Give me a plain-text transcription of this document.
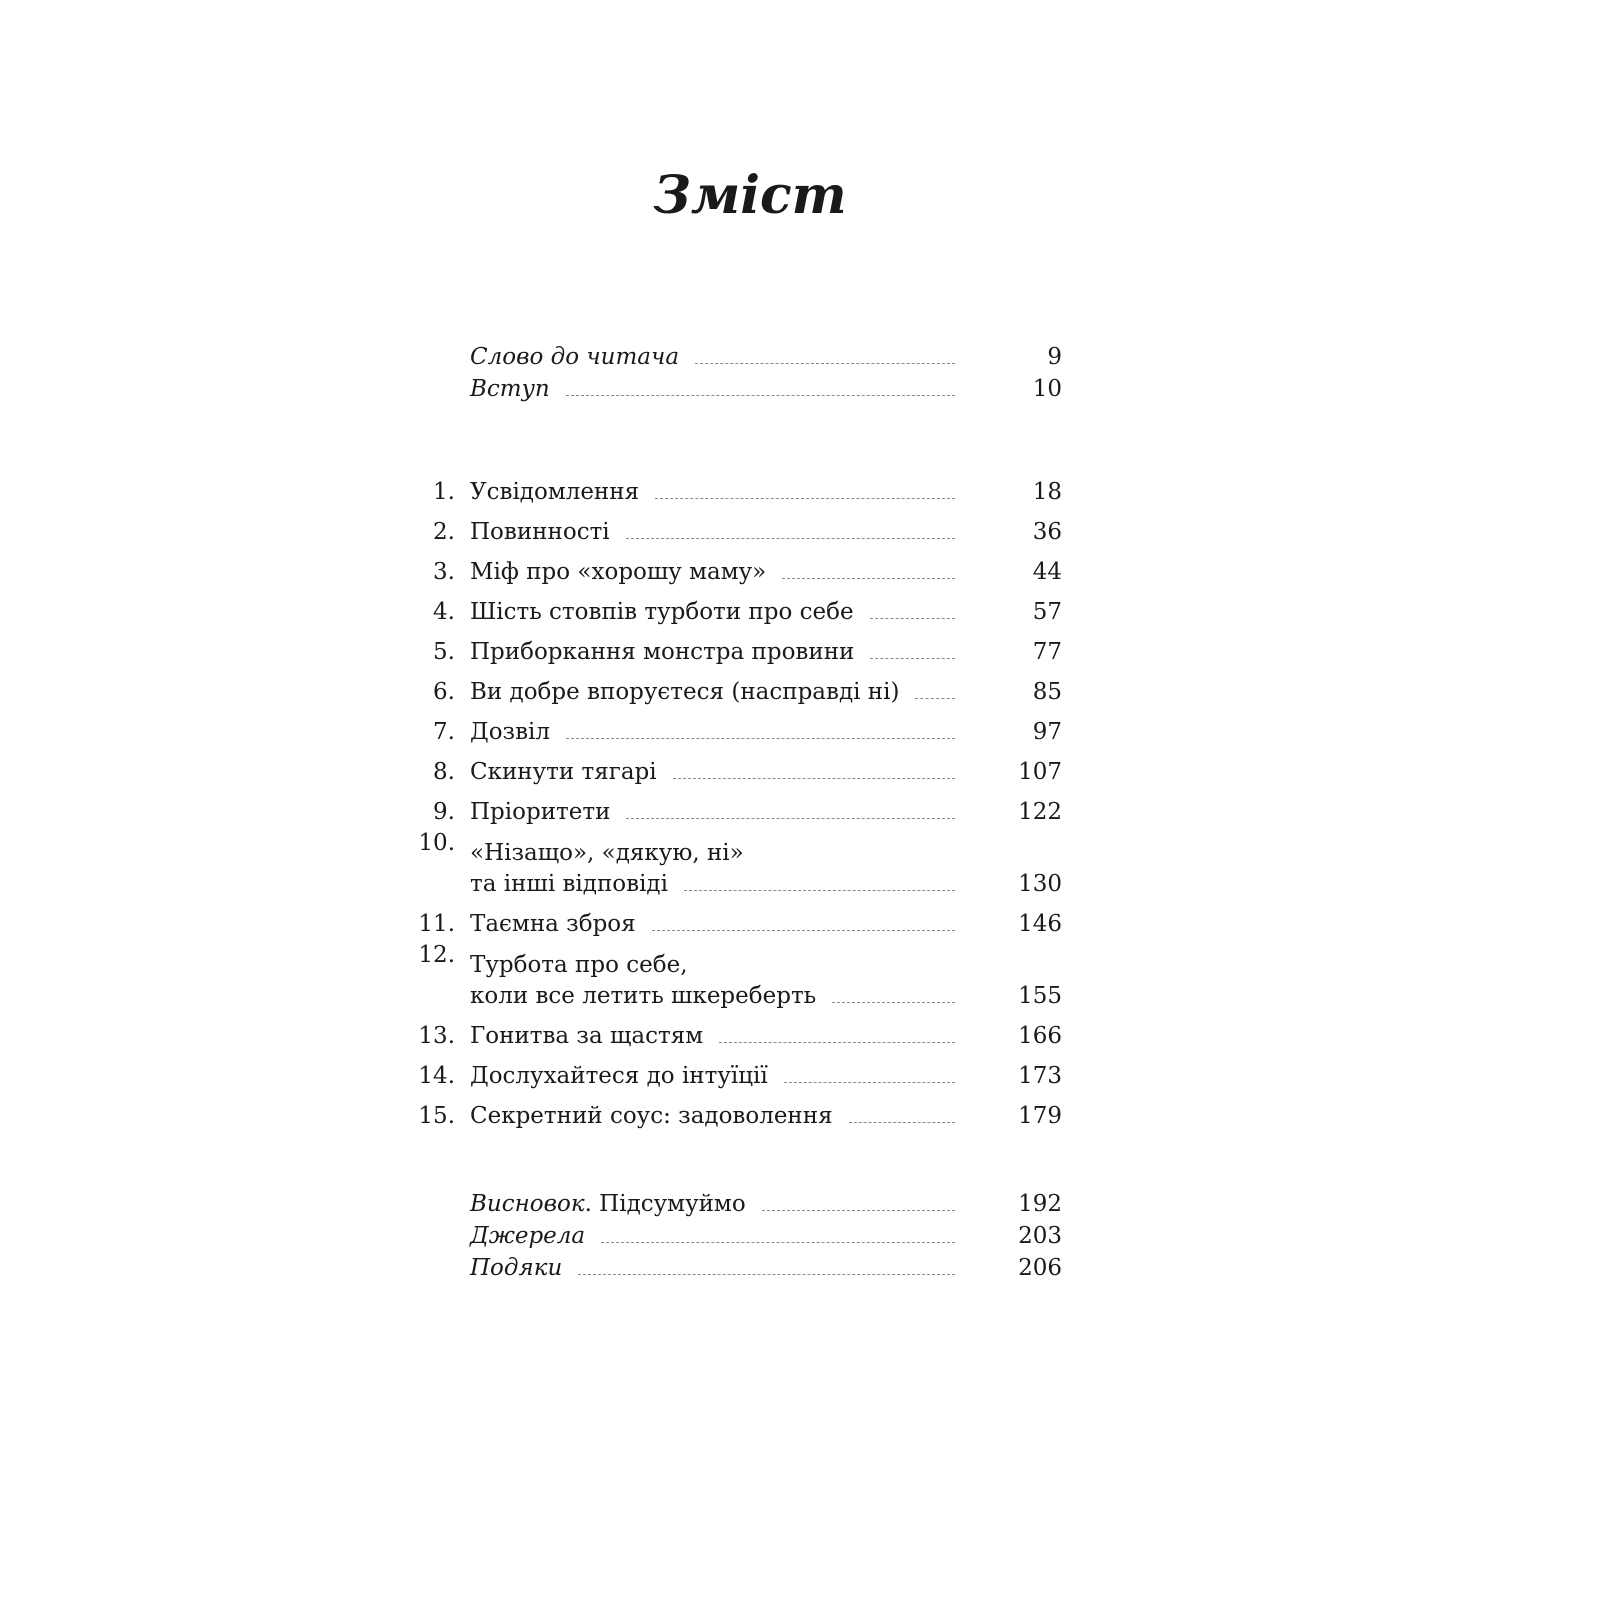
Зміст
Слово до читача	9
Вступ	10
1. Усвідомлення	18
2. Повинності	36
3. Міф про «хорошу маму»	44
4. Шість стовпів турботи про себе	57
5. Приборкання монстра провини	77
6. Ви добре впоруєтеся (насправді ні)	85
7. Дозвіл	97
8. Скинути тягарі	107
9. Пріоритети	122
10. «Нізащо», «дякую, ні»
та інші відповіді	130
11. Таємна зброя	146
12. Турбота про себе,
коли все летить шкереберть	155
13. Гонитва за щастям	166
14. Дослухайтеся до інтуїції	173
15. Секретний соус: задоволення	179
Висновок. Підсумуймо	192
Джерела	203
Подяки	206
